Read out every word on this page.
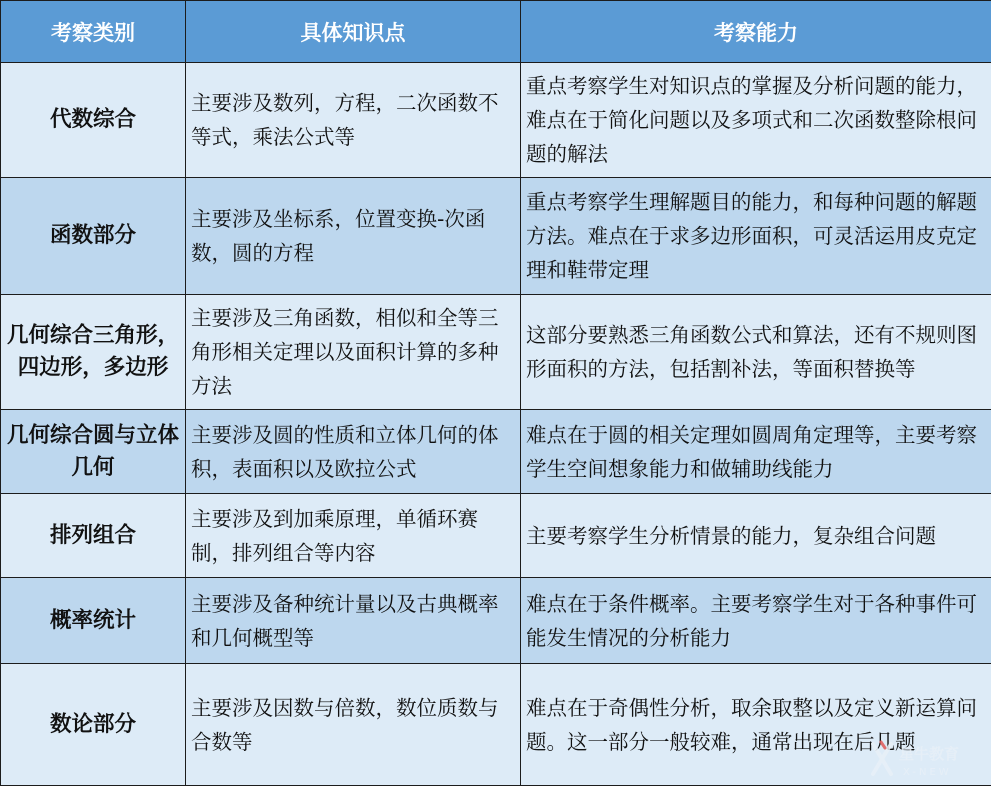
考察类别	具体知识点	考察能力
代数综合	主要涉及数列，方程，二次函数不等式，乘法公式等	重点考察学生对知识点的掌握及分析问题的能力，难点在于简化问题以及多项式和二次函数整除根问题的解法
函数部分	主要涉及坐标系，位置变换-次函数，圆的方程	重点考察学生理解题目的能力，和每种问题的解题方法。难点在于求多边形面积，可灵活运用皮克定理和鞋带定理
几何综合三角形，四边形，多边形	主要涉及三角函数，相似和全等三角形相关定理以及面积计算的多种方法	这部分要熟悉三角函数公式和算法，还有不规则图形面积的方法，包括割补法，等面积替换等
几何综合圆与立体几何	主要涉及圆的性质和立体几何的体积，表面积以及欧拉公式	难点在于圆的相关定理如圆周角定理等，主要考察学生空间想象能力和做辅助线能力
排列组合	主要涉及到加乘原理，单循环赛制，排列组合等内容	主要考察学生分析情景的能力，复杂组合问题
概率统计	主要涉及备种统计量以及古典概率和几何概型等	难点在于条件概率。主要考察学生对于各种事件可能发生情况的分析能力
数论部分	主要涉及因数与倍数，数位质数与合数等	难点在于奇偶性分析，取余取整以及定义新运算问题。这一部分一般较难，通常出现在后几题
星牛教育
X-NEW
